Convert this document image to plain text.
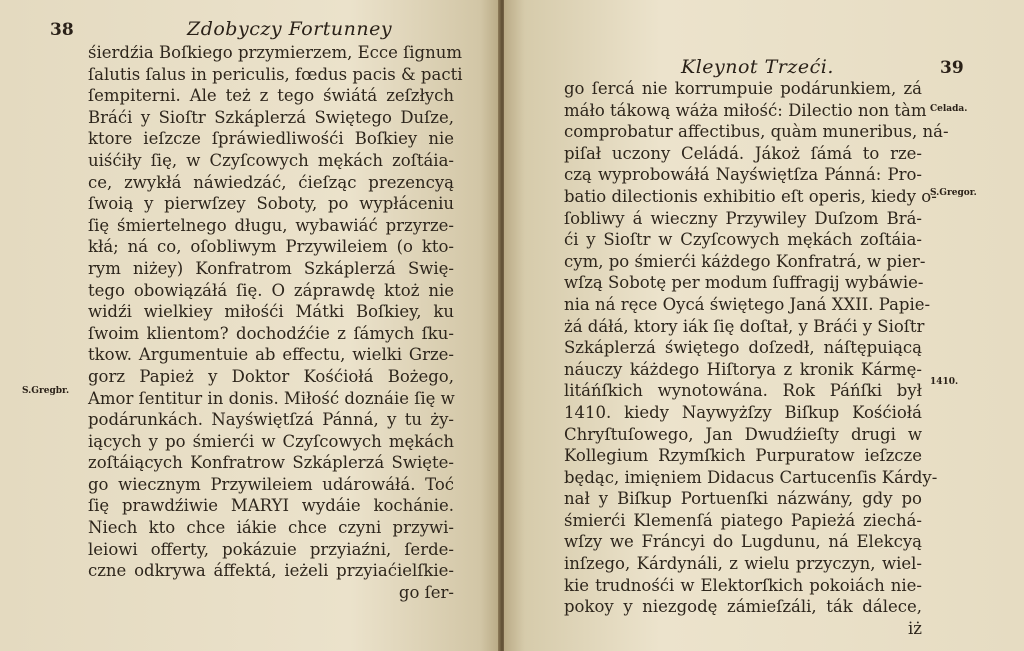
38	Zdobyczy Fortunney
śierdźia Boſkiego przymierzem, Ecce ſignum
ſalutis ſalus in periculis, fœdus pacis & pacti
ſempiterni. Ale też z tego świátá zeſzłych
Bráći y Sioſtr Szkáplerzá Swiętego Duſze,
ktore ieſzcze ſpráwiedliwośći Boſkiey nie
uiśćiły ſię, w Czyſcowych mękách zoſtáia-
ce, zwykłá náwiedzáć, ćieſząc prezencyą
ſwoią y pierwſzey Soboty, po wypłáceniu
ſię śmiertelnego długu, wybawiáć przyrze-
kłá; ná co, oſobliwym Przywileiem (o kto-
rym niżey) Konfratrom Szkáplerzá Swię-
tego obowiązáłá ſię. O záprawdę ktoż nie
widźi wielkiey miłośći Mátki Boſkiey, ku
ſwoim klientom? dochodźćie z ſámych ſku-
tkow. Argumentuie ab effectu, wielki Grze-
gorz Papież y Doktor Kośćiołá Bożego,
Amor ſentitur in donis. Miłość doznáie ſię w
podárunkách. Nayświętſzá Pánná, y tu ży-
iących y po śmierći w Czyſcowych mękách
zoſtáiących Konfratrow Szkáplerzá Swięte-
go wiecznym Przywileiem udárowáłá. Toć
ſię prawdźiwie MARYI wydáie kochánie.
Niech kto chce iákie chce czyni przywi-
leiowi offerty, pokázuie przyiaźni, ſerde-
czne odkrywa áffektá, ieżeli przyiaćielſkie-
go ſer-
S.Gregbr.
Kleynot Trzeći.	39
go ſercá nie korrumpuie podárunkiem, zá
máło tákową wáża miłość: Dilectio non tàm
comprobatur affectibus, quàm muneribus, ná-
piſał uczony Celádá. Jákoż ſámá to rze-
czą wyprobowáłá Nayświętſza Pánná: Pro-
batio dilectionis exhibitio eſt operis, kiedy o-
ſobliwy á wieczny Przywiley Duſzom Brá-
ći y Sioſtr w Czyſcowych mękách zoſtáia-
cym, po śmierći káżdego Konfratrá, w pier-
wſzą Sobotę per modum ſuffragij wybáwie-
nia ná ręce Oycá świętego Janá XXII. Papie-
żá dáłá, ktory iák ſię doſtał, y Bráći y Sioſtr
Szkáplerzá świętego doſzedł, náſtępuiącą
náuczy káżdego Hiſtorya z kronik Kármę-
litáńſkich wynotowána. Rok Páńſki był
1410. kiedy Naywyżſzy Biſkup Kośćiołá
Chryſtuſowego, Jan Dwudźieſty drugi w
Kollegium Rzymſkich Purpuratow ieſzcze
będąc, imięniem Didacus Cartucenſis Kárdy-
nał y Biſkup Portuenſki názwány, gdy po
śmierći Klemenſá piatego Papieżá ziechá-
wſzy we Fráncyi do Lugdunu, ná Elekcyą
inſzego, Kárdynáli, z wielu przyczyn, wiel-
kie trudnośći w Elektorſkich pokoiách nie-
pokoy y niezgodę zámieſzáli, ták dálece,
iż
Celada.
S.Gregor.
1410.
